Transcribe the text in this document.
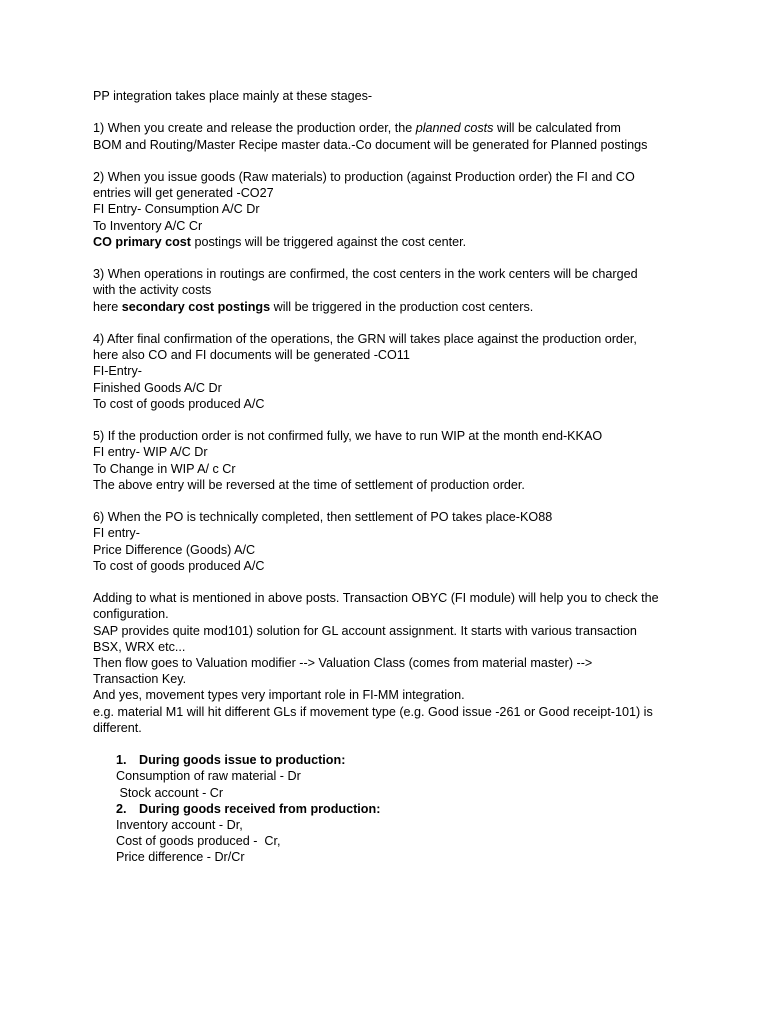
PP integration takes place mainly at these stages-
1) When you create and release the production order, the planned costs will be calculated from
BOM and Routing/Master Recipe master data.-Co document will be generated for Planned postings
2) When you issue goods (Raw materials) to production (against Production order) the FI and CO
entries will get generated -CO27
FI Entry- Consumption A/C Dr
To Inventory A/C Cr
CO primary cost postings will be triggered against the cost center.
3) When operations in routings are confirmed, the cost centers in the work centers will be charged
with the activity costs
here secondary cost postings will be triggered in the production cost centers.
4) After final confirmation of the operations, the GRN will takes place against the production order,
here also CO and FI documents will be generated -CO11
FI-Entry-
Finished Goods A/C Dr
To cost of goods produced A/C
5) If the production order is not confirmed fully, we have to run WIP at the month end-KKAO
FI entry- WIP A/C Dr
To Change in WIP A/ c Cr
The above entry will be reversed at the time of settlement of production order.
6) When the PO is technically completed, then settlement of PO takes place-KO88
FI entry-
Price Difference (Goods) A/C
To cost of goods produced A/C
Adding to what is mentioned in above posts. Transaction OBYC (FI module) will help you to check the
configuration.
SAP provides quite mod101) solution for GL account assignment. It starts with various transaction
BSX, WRX etc...
Then flow goes to Valuation modifier --> Valuation Class (comes from material master) -->
Transaction Key.
And yes, movement types very important role in FI-MM integration.
e.g. material M1 will hit different GLs if movement type (e.g. Good issue -261 or Good receipt-101) is
different.
1. During goods issue to production:
Consumption of raw material - Dr
Stock account - Cr
2. During goods received from production:
Inventory account - Dr,
Cost of goods produced -  Cr,
Price difference - Dr/Cr
